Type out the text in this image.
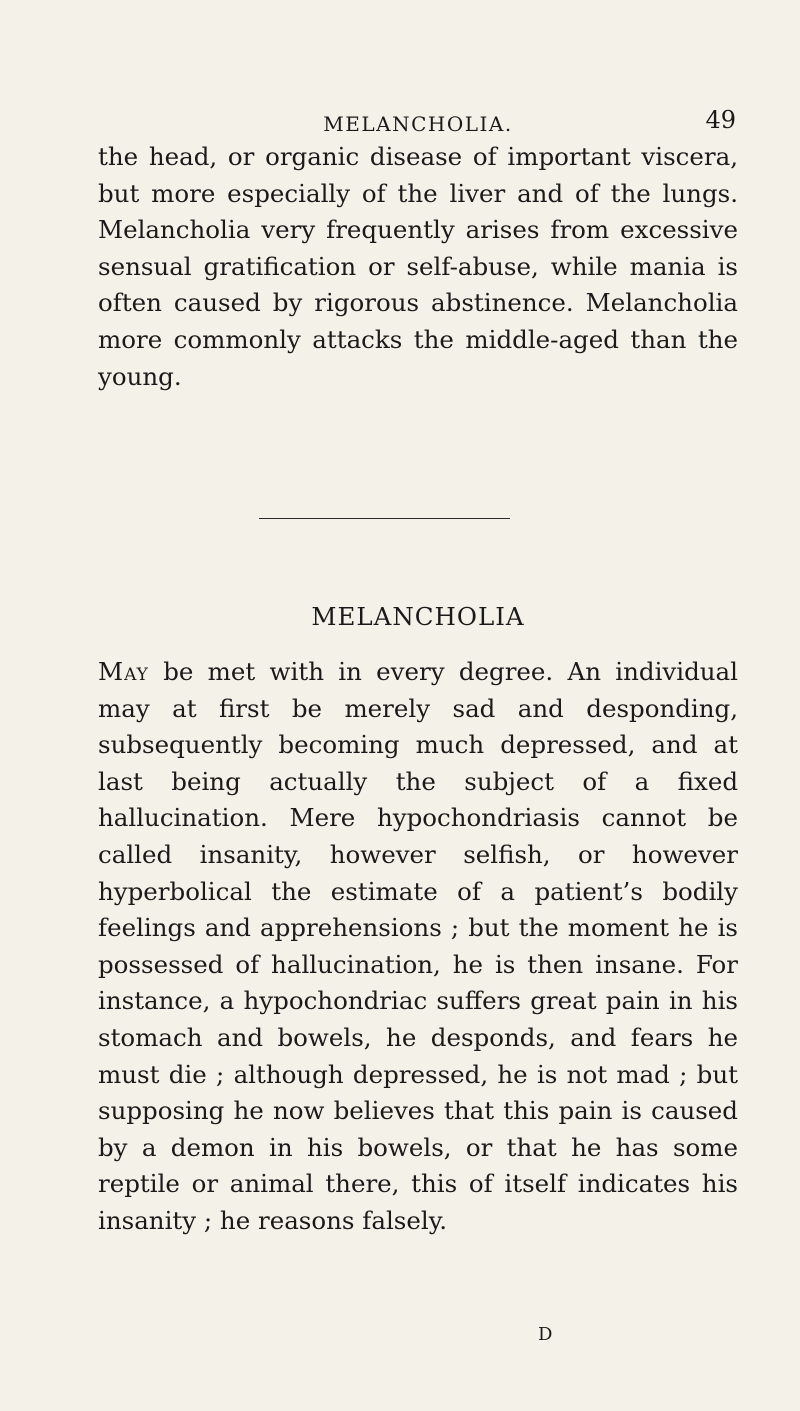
MELANCHOLIA.	49

the head, or organic disease of important viscera, but more especially of the liver and of the lungs. Melancholia very frequently arises from excessive sensual gratification or self-abuse, while mania is often caused by rigorous abstinence. Melancholia more commonly attacks the middle-aged than the young.

MELANCHOLIA

May be met with in every degree. An individual may at first be merely sad and desponding, subsequently becoming much depressed, and at last being actually the subject of a fixed hallucination. Mere hypochondriasis cannot be called insanity, however selfish, or however hyperbolical the estimate of a patient’s bodily feelings and apprehensions ; but the moment he is possessed of hallucination, he is then insane. For instance, a hypochondriac suffers great pain in his stomach and bowels, he desponds, and fears he must die ; although depressed, he is not mad ; but supposing he now believes that this pain is caused by a demon in his bowels, or that he has some reptile or animal there, this of itself indicates his insanity ; he reasons falsely.

D
